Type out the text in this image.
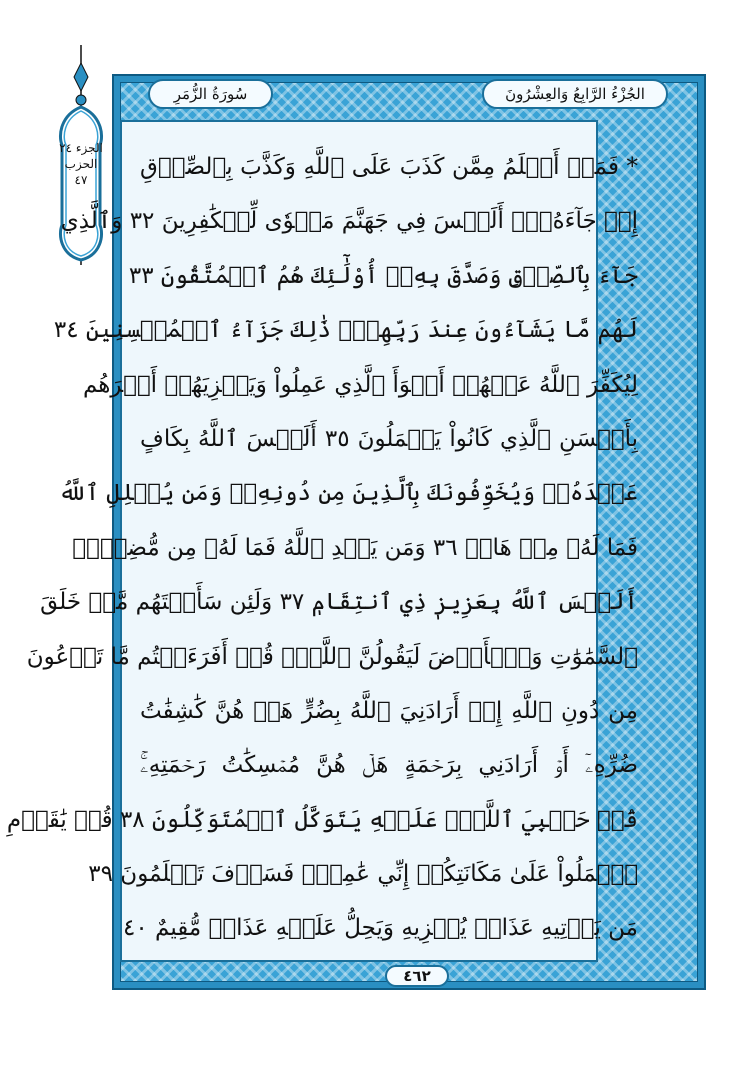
الجزء ٢٤
الحزب ٤٧
الجُزْءُ الرَّابِعُ وَالعِشْرُونَ
سُورَةُ الزُّمَرِ
* فَمَنۡ أَظۡلَمُ مِمَّن كَذَبَ عَلَى ٱللَّهِ وَكَذَّبَ بِٱلصِّدۡقِ
إِذۡ جَآءَهُۥٓۚ أَلَيۡسَ فِي جَهَنَّمَ مَثۡوٗى لِّلۡكَٰفِرِينَ ٣٢ وَٱلَّذِي
جَآءَ بِٱلصِّدۡقِ وَصَدَّقَ بِهِۦٓ أُوْلَٰٓئِكَ هُمُ ٱلۡمُتَّقُونَ ٣٣
لَهُم مَّا يَشَآءُونَ عِندَ رَبِّهِمۡۚ ذَٰلِكَ جَزَآءُ ٱلۡمُحۡسِنِينَ ٣٤
لِيُكَفِّرَ ٱللَّهُ عَنۡهُمۡ أَسۡوَأَ ٱلَّذِي عَمِلُواْ وَيَجۡزِيَهُمۡ أَجۡرَهُم
بِأَحۡسَنِ ٱلَّذِي كَانُواْ يَعۡمَلُونَ ٣٥ أَلَيۡسَ ٱللَّهُ بِكَافٍ
عَبۡدَهُۥۖ وَيُخَوِّفُونَكَ بِٱلَّذِينَ مِن دُونِهِۦۚ وَمَن يُضۡلِلِ ٱللَّهُ
فَمَا لَهُۥ مِنۡ هَادٖ ٣٦ وَمَن يَهۡدِ ٱللَّهُ فَمَا لَهُۥ مِن مُّضِلٍّۗ
أَلَيۡسَ ٱللَّهُ بِعَزِيزٖ ذِي ٱنتِقَامٖ ٣٧ وَلَئِن سَأَلۡتَهُم مَّنۡ خَلَقَ
ٱلسَّمَٰوَٰتِ وَٱلۡأَرۡضَ لَيَقُولُنَّ ٱللَّهُۚ قُلۡ أَفَرَءَيۡتُم مَّا تَدۡعُونَ
مِن دُونِ ٱللَّهِ إِنۡ أَرَادَنِيَ ٱللَّهُ بِضُرٍّ هَلۡ هُنَّ كَٰشِفَٰتُ
ضُرِّهِۦٓ أَوۡ أَرَادَنِي بِرَحۡمَةٍ هَلۡ هُنَّ مُمۡسِكَٰتُ رَحۡمَتِهِۦۚ
قُلۡ حَسۡبِيَ ٱللَّهُۖ عَلَيۡهِ يَتَوَكَّلُ ٱلۡمُتَوَكِّلُونَ ٣٨ قُلۡ يَٰقَوۡمِ
ٱعۡمَلُواْ عَلَىٰ مَكَانَتِكُمۡ إِنِّي عَٰمِلٞۖ فَسَوۡفَ تَعۡلَمُونَ ٣٩
مَن يَأۡتِيهِ عَذَابٞ يُخۡزِيهِ وَيَحِلُّ عَلَيۡهِ عَذَابٞ مُّقِيمٌ ٤٠
٤٦٢
